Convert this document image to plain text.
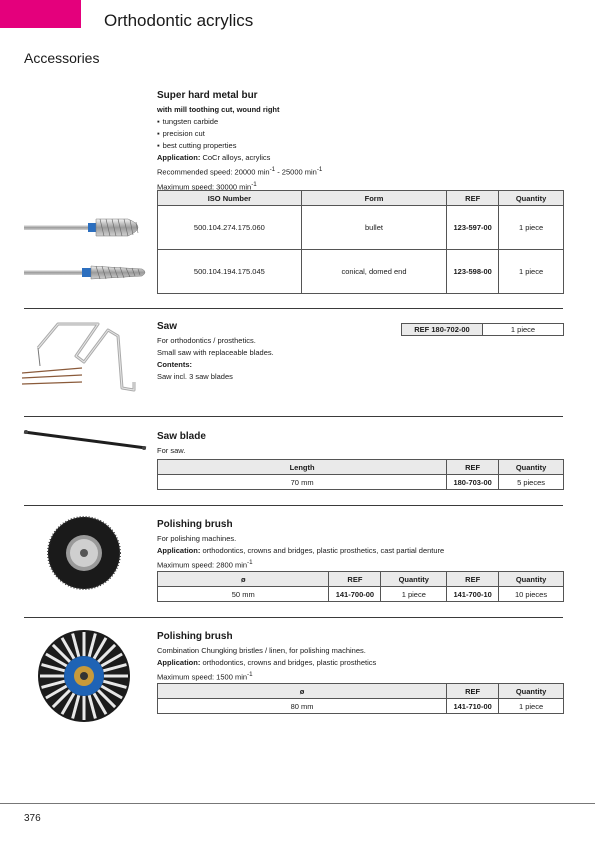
Orthodontic acrylics
Accessories
Super hard metal bur
with mill toothing cut, wound right
▪ tungsten carbide
▪ precision cut
▪ best cutting properties
Application: CoCr alloys, acrylics
Recommended speed: 20000 $\min^{-1} - 25000$ $\min^{-1}$
Maximum speed: 30000 $\min^{-1}$
ISO Number	Form	REF	Quantity
500.104.274.175.060	bullet	123-597-00	1 piece
500.104.194.175.045	conical, domed end	123-598-00	1 piece
Saw
For orthodontics / prosthetics.
Small saw with replaceable blades.
Contents:
Saw incl. 3 saw blades
REF 180-702-00	1 piece
Saw blade
For saw.
Length	REF	Quantity
70 mm	180-703-00	5 pieces
Polishing brush
For polishing machines.
Application: orthodontics, crowns and bridges, plastic prosthetics, cast partial denture
Maximum speed: 2800 $\min^{-1}$
ø	REF	Quantity	REF	Quantity
50 mm	141-700-00	1 piece	141-700-10	10 pieces
Polishing brush
Combination Chungking bristles / linen, for polishing machines.
Application: orthodontics, crowns and bridges, plastic prosthetics
Maximum speed: 1500 $\min^{-1}$
ø	REF	Quantity
80 mm	141-710-00	1 piece
376
